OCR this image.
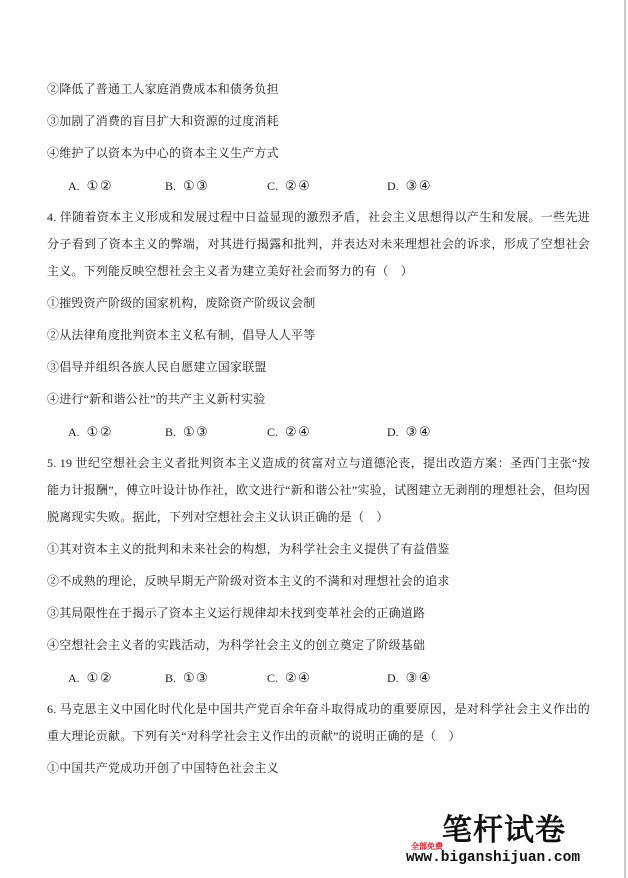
②降低了普通工人家庭消费成本和债务负担

③加剧了消费的盲目扩大和资源的过度消耗

④维护了以资本为中心的资本主义生产方式

A. ①②	B. ①③	C. ②④	D. ③④

4. 伴随着资本主义形成和发展过程中日益显现的激烈矛盾，社会主义思想得以产生和发展。一些先进分子看到了资本主义的弊端，对其进行揭露和批判，并表达对未来理想社会的诉求，形成了空想社会主义。下列能反映空想社会主义者为建立美好社会而努力的有（　）

①摧毁资产阶级的国家机构，废除资产阶级议会制

②从法律角度批判资本主义私有制，倡导人人平等

③倡导并组织各族人民自愿建立国家联盟

④进行“新和谐公社”的共产主义新村实验

A. ①②	B. ①③	C. ②④	D. ③④

5. 19 世纪空想社会主义者批判资本主义造成的贫富对立与道德沦丧，提出改造方案：圣西门主张“按能力计报酬”，傅立叶设计协作社，欧文进行“新和谐公社”实验，试图建立无剥削的理想社会，但均因脱离现实失败。据此，下列对空想社会主义认识正确的是（　）

①其对资本主义的批判和未来社会的构想，为科学社会主义提供了有益借鉴

②不成熟的理论，反映早期无产阶级对资本主义的不满和对理想社会的追求

③其局限性在于揭示了资本主义运行规律却未找到变革社会的正确道路

④空想社会主义者的实践活动，为科学社会主义的创立奠定了阶级基础

A. ①②	B. ①③	C. ②④	D. ③④

6. 马克思主义中国化时代化是中国共产党百余年奋斗取得成功的重要原因，是对科学社会主义作出的重大理论贡献。下列有关“对科学社会主义作出的贡献”的说明正确的是（　）

①中国共产党成功开创了中国特色社会主义

笔杆试卷
全部免费
www.biganshijuan.com
